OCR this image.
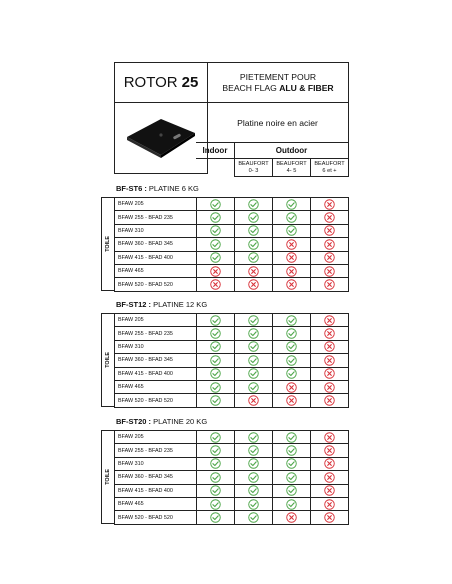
ROTOR 25	PIETEMENT POUR
BEACH FLAG ALU & FIBER
Platine noire en acier
Indoor	Outdoor
BEAUFORT
0- 3
BEAUFORT
4- 5
BEAUFORT
6 et +
BF-ST6 : PLATINE 6 KG
TOILE
BFAW 205
BFAW 255 - BFAD 235
BFAW 310
BFAW 360 - BFAD 345
BFAW 415 - BFAD 400
BFAW 465
BFAW 520 - BFAD 520
BF-ST12 : PLATINE 12 KG
TOILE
BFAW 205
BFAW 255 - BFAD 235
BFAW 310
BFAW 360 - BFAD 345
BFAW 415 - BFAD 400
BFAW 465
BFAW 520 - BFAD 520
BF-ST20 : PLATINE 20 KG
TOILE
BFAW 205
BFAW 255 - BFAD 235
BFAW 310
BFAW 360 - BFAD 345
BFAW 415 - BFAD 400
BFAW 465
BFAW 520 - BFAD 520
